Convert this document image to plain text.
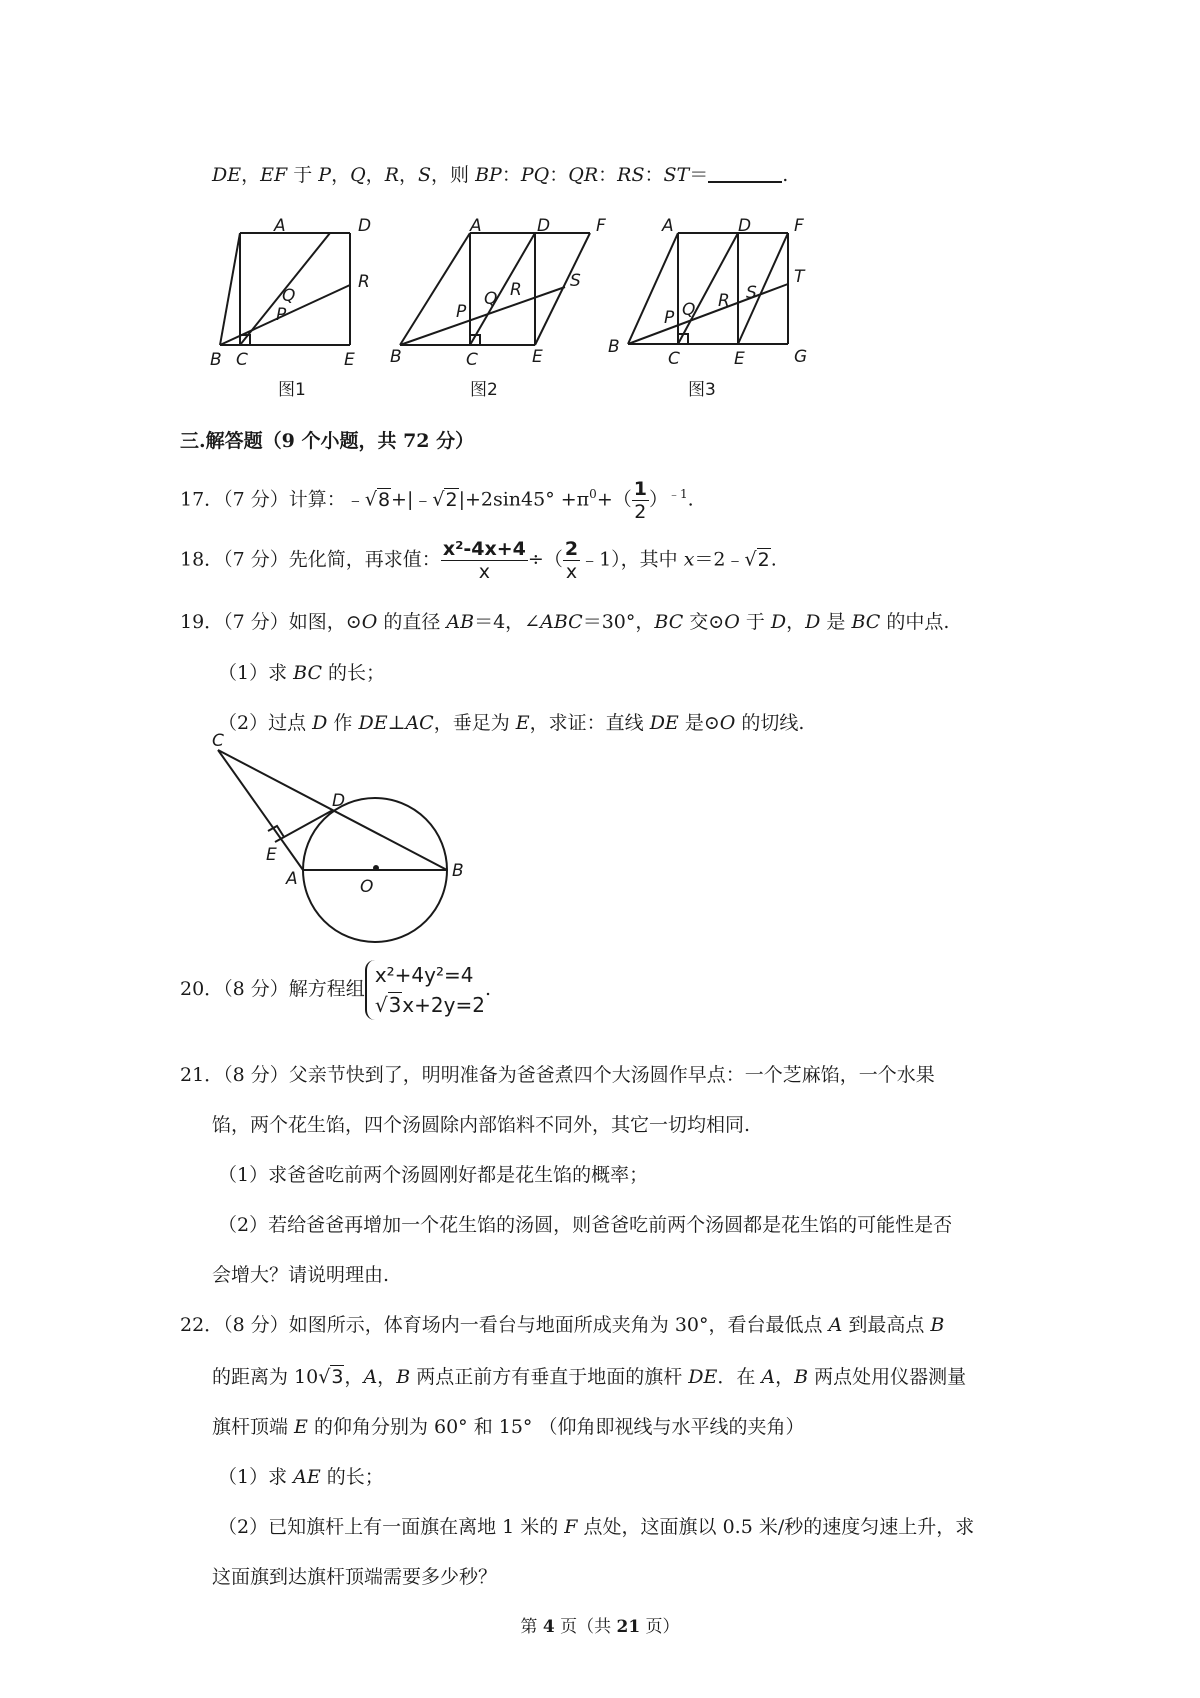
DE，EF 于 P，Q，R，S，则 BP：PQ：QR：RS：ST＝	.
A	D
R
Q
P
B C	E
图1
A	D	F
S
R
Q
P
B	C	E
图2
A	D	F
T
S
R
Q
P
B
C	E	G
图3
三.解答题（9 个小题，共 72 分）
17．（7 分）计算：﹣√8+|﹣√2|+2sin45° $+\pi^0+( \frac{1}{2} )^{﹣1}$.
18．（7 分）先化简，再求值： $\frac{\text{x²-4x+4}}{x}$ ÷（ $\frac{2}{x}$ ﹣1），其中 x＝2﹣√2.
19．（7 分）如图，⊙O 的直径 AB＝4，∠ABC＝30°，BC 交⊙O 于 D，D 是 BC 的中点.
（1）求 BC 的长；
（2）过点 D 作 DE⊥AC，垂足为 E，求证：直线 DE 是⊙O 的切线.
C
D
E
A	O
B
20．（8 分）解方程组
x²+4y²=4
√3x+2y=2
.
21．（8 分）父亲节快到了，明明准备为爸爸煮四个大汤圆作早点：一个芝麻馅，一个水果
馅，两个花生馅，四个汤圆除内部馅料不同外，其它一切均相同.
（1）求爸爸吃前两个汤圆刚好都是花生馅的概率；
（2）若给爸爸再增加一个花生馅的汤圆，则爸爸吃前两个汤圆都是花生馅的可能性是否
会增大？请说明理由.
22．（8 分）如图所示，体育场内一看台与地面所成夹角为 30°，看台最低点 A 到最高点 B
的距离为 10√3，A，B 两点正前方有垂直于地面的旗杆 DE．在 A，B 两点处用仪器测量
旗杆顶端 E 的仰角分别为 60° 和 15° （仰角即视线与水平线的夹角）
（1）求 AE 的长；
（2）已知旗杆上有一面旗在离地 1 米的 F 点处，这面旗以 0.5 米/秒的速度匀速上升，求
这面旗到达旗杆顶端需要多少秒？
第 4 页（共 21 页）
